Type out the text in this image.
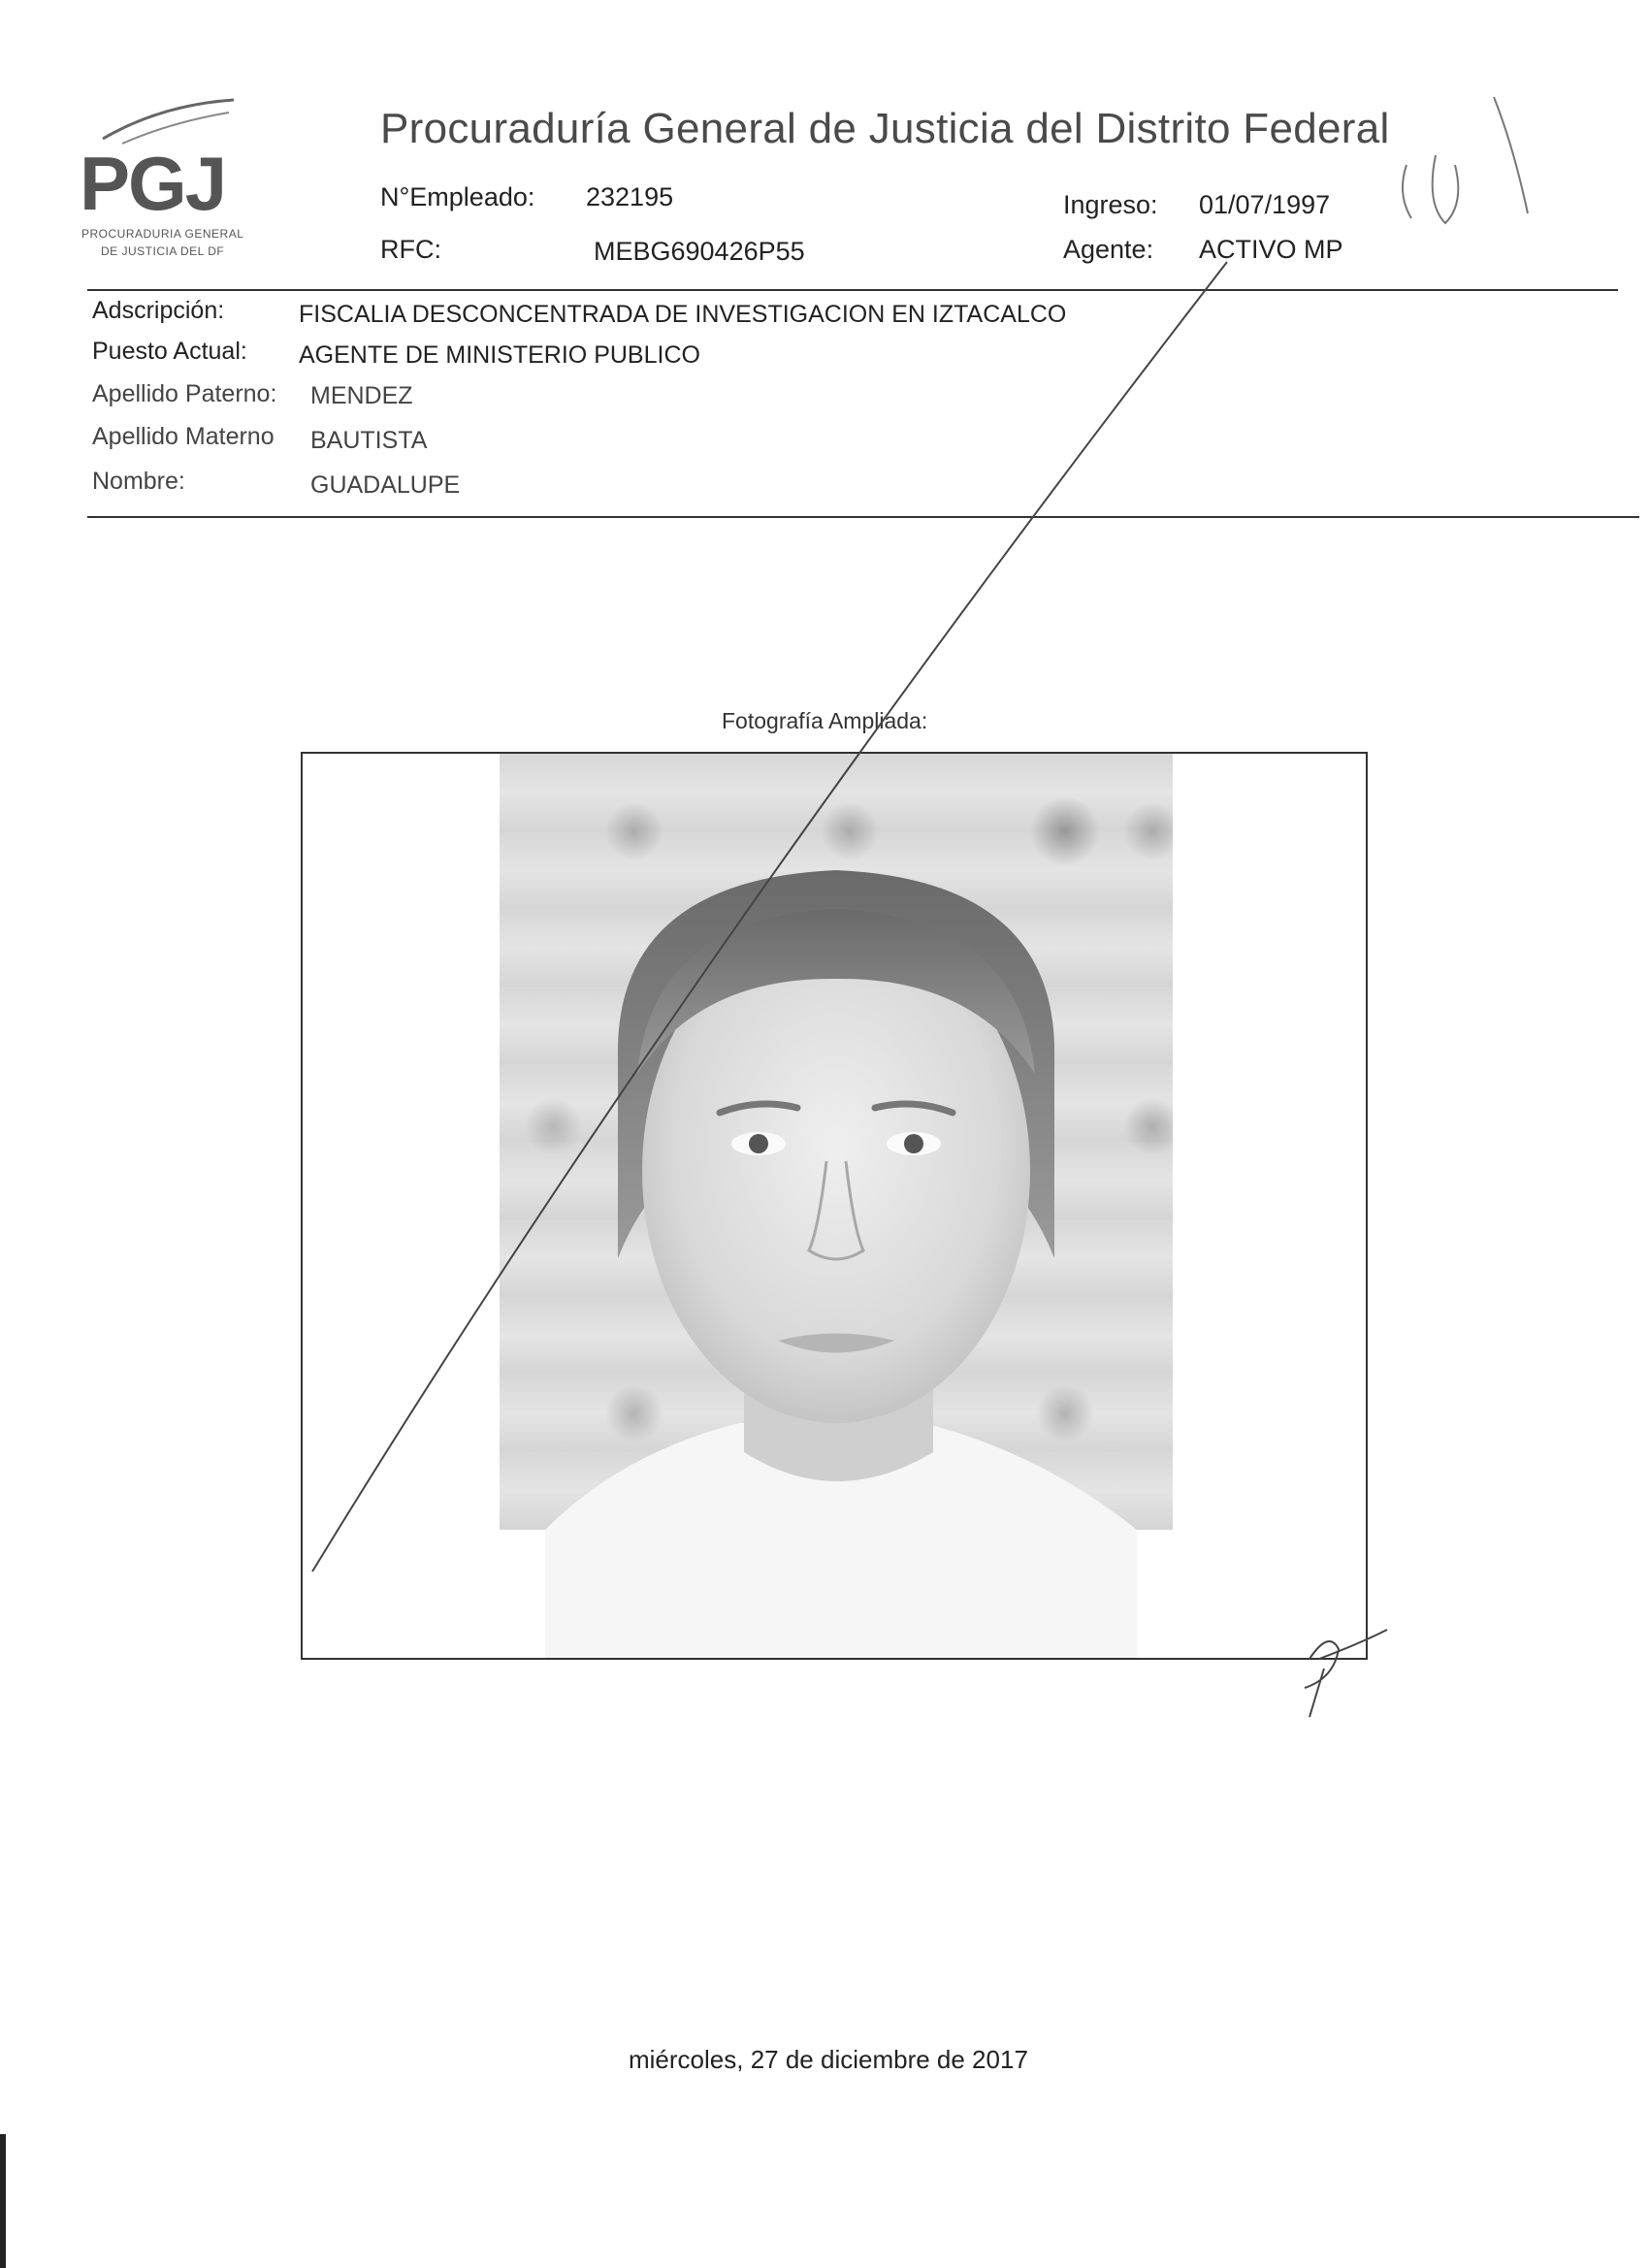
PGJ
PROCURADURIA GENERAL
DE JUSTICIA DEL DF
Procuraduría General de Justicia del Distrito Federal
N°Empleado: 232195
RFC:	MEBG690426P55
Ingreso: 01/07/1997
Agente: ACTIVO MP
Adscripción:	FISCALIA DESCONCENTRADA DE INVESTIGACION EN IZTACALCO
Puesto Actual: AGENTE DE MINISTERIO PUBLICO
Apellido Paterno: MENDEZ
Apellido Materno BAUTISTA
Nombre:	GUADALUPE
Fotografía Ampliada:
miércoles, 27 de diciembre de 2017
